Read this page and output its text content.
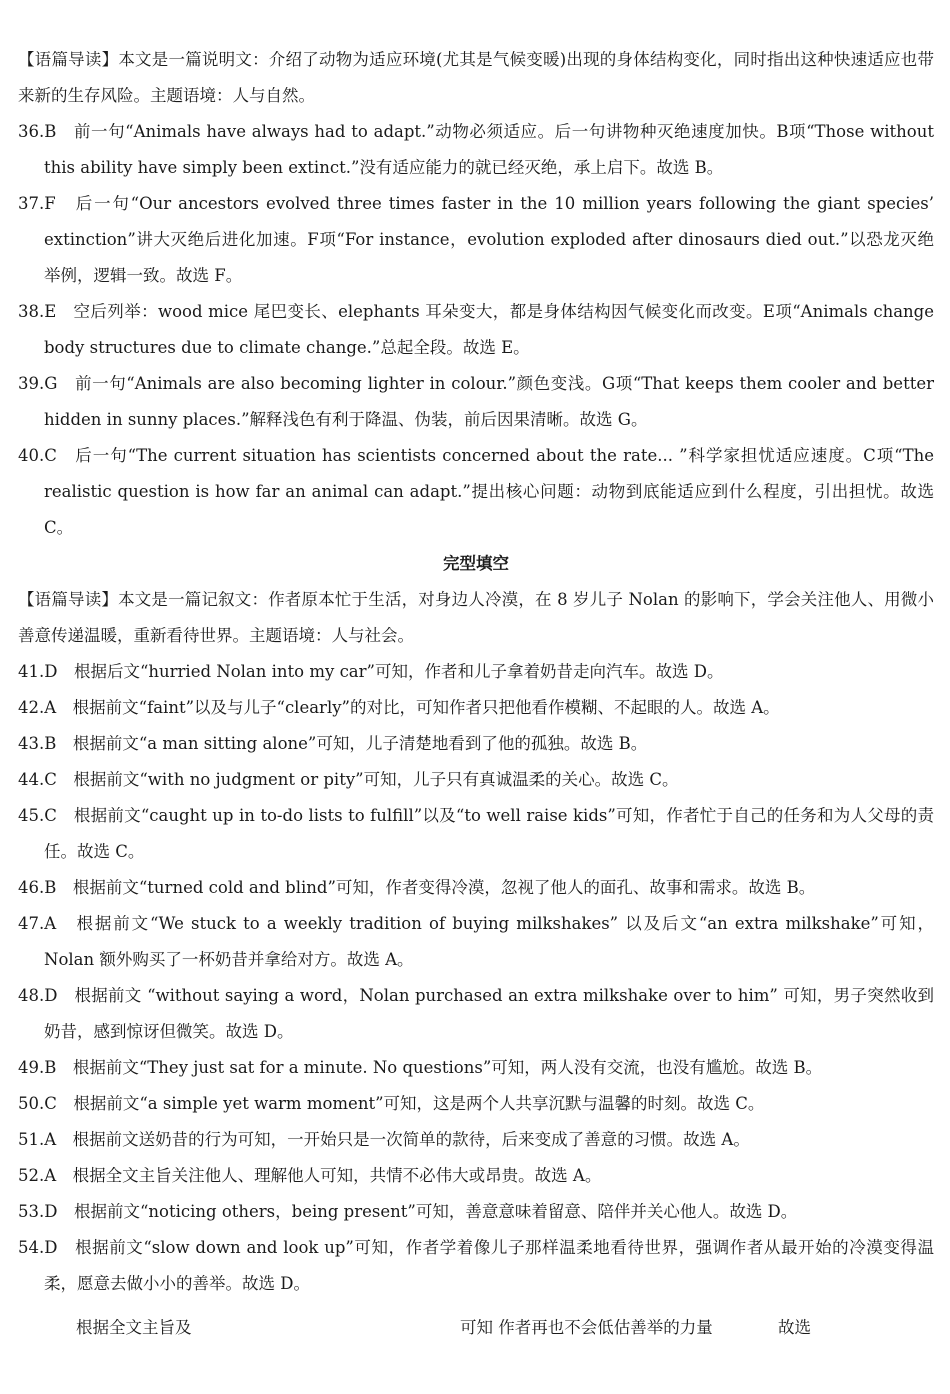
【语篇导读】本文是一篇说明文：介绍了动物为适应环境(尤其是气候变暖)出现的身体结构变化，同时指出这种快速适应也带来新的生存风险。主题语境：人与自然。

36.B　前一句“Animals have always had to adapt.”动物必须适应。后一句讲物种灭绝速度加快。B项“Those without this ability have simply been extinct.”没有适应能力的就已经灭绝，承上启下。故选 B。

37.F　后一句“Our ancestors evolved three times faster in the 10 million years following the giant species’ extinction”讲大灭绝后进化加速。F项“For instance，evolution exploded after dinosaurs died out.”以恐龙灭绝举例，逻辑一致。故选 F。

38.E　空后列举：wood mice 尾巴变长、elephants 耳朵变大，都是身体结构因气候变化而改变。E项“Animals change body structures due to climate change.”总起全段。故选 E。

39.G　前一句“Animals are also becoming lighter in colour.”颜色变浅。G项“That keeps them cooler and better hidden in sunny places.”解释浅色有利于降温、伪装，前后因果清晰。故选 G。

40.C　后一句“The current situation has scientists concerned about the rate... ”科学家担忧适应速度。C项“The realistic question is how far an animal can adapt.”提出核心问题：动物到底能适应到什么程度，引出担忧。故选 C。

完型填空

【语篇导读】本文是一篇记叙文：作者原本忙于生活，对身边人冷漠，在 8 岁儿子 Nolan 的影响下，学会关注他人、用微小善意传递温暖，重新看待世界。主题语境：人与社会。

41.D　根据后文“hurried Nolan into my car”可知，作者和儿子拿着奶昔走向汽车。故选 D。

42.A　根据前文“faint”以及与儿子“clearly”的对比，可知作者只把他看作模糊、不起眼的人。故选 A。

43.B　根据前文“a man sitting alone”可知，儿子清楚地看到了他的孤独。故选 B。

44.C　根据前文“with no judgment or pity”可知，儿子只有真诚温柔的关心。故选 C。

45.C　根据前文“caught up in to-do lists to fulfill”以及“to well raise kids”可知，作者忙于自己的任务和为人父母的责任。故选 C。

46.B　根据前文“turned cold and blind”可知，作者变得冷漠，忽视了他人的面孔、故事和需求。故选 B。

47.A　根据前文“We stuck to a weekly tradition of buying milkshakes” 以及后文“an extra milkshake”可知，Nolan 额外购买了一杯奶昔并拿给对方。故选 A。

48.D　根据前文 “without saying a word，Nolan purchased an extra milkshake over to him” 可知，男子突然收到奶昔，感到惊讶但微笑。故选 D。

49.B　根据前文“They just sat for a minute. No questions”可知，两人没有交流，也没有尴尬。故选 B。

50.C　根据前文“a simple yet warm moment”可知，这是两个人共享沉默与温馨的时刻。故选 C。

51.A　根据前文送奶昔的行为可知，一开始只是一次简单的款待，后来变成了善意的习惯。故选 A。

52.A　根据全文主旨关注他人、理解他人可知，共情不必伟大或昂贵。故选 A。

53.D　根据前文“noticing others，being present”可知，善意意味着留意、陪伴并关心他人。故选 D。

54.D　根据前文“slow down and look up”可知，作者学着像儿子那样温柔地看待世界，强调作者从最开始的冷漠变得温柔，愿意去做小小的善举。故选 D。

根据全文主旨及	可知 作者再也不会低估善举的力量	故选
